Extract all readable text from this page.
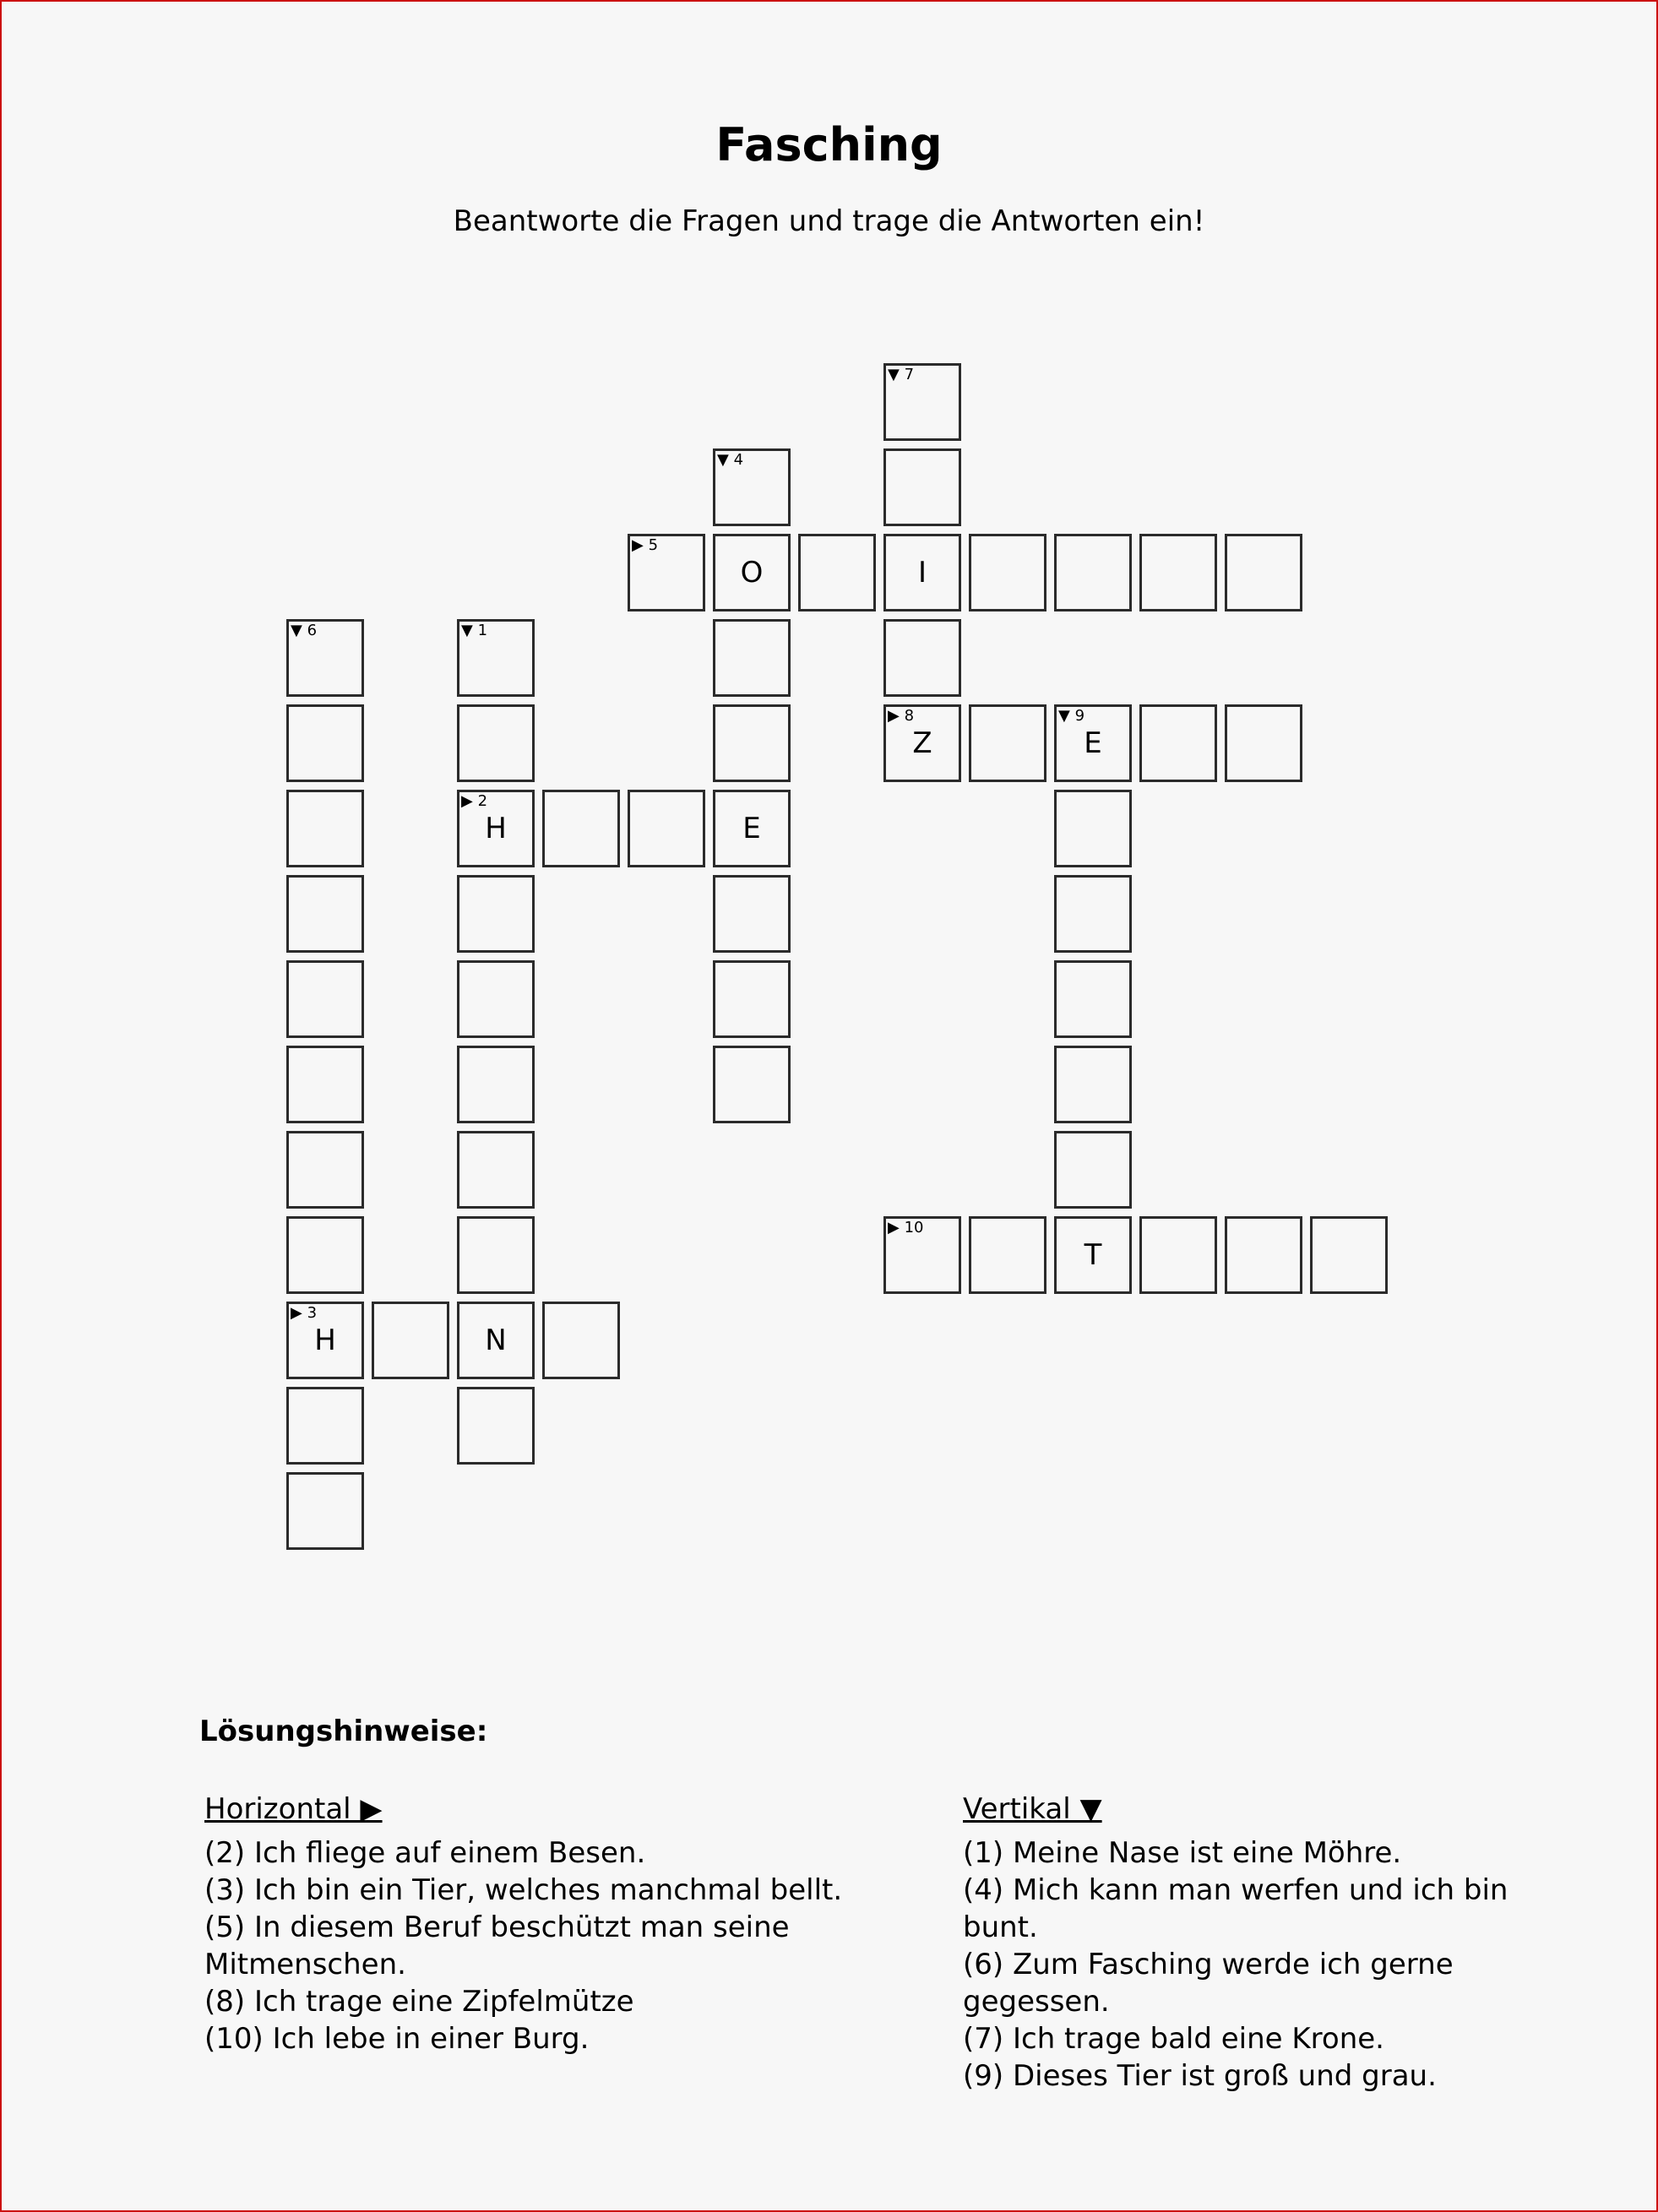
Fasching
Beantworte die Fragen und trage die Antworten ein!
▼ 7
▼ 4
▶ 5
O	I
▼ 6	▼ 1
▶ 8
Z
▼ 9
E
▶ 2
H	E
▶ 10
T
▶ 3
H	N
Lösungshinweise:
Horizontal ▶
(2) Ich fliege auf einem Besen.
(3) Ich bin ein Tier, welches manchmal bellt.
(5) In diesem Beruf beschützt man seine Mitmenschen.
(8) Ich trage eine Zipfelmütze
(10) Ich lebe in einer Burg.
Vertikal ▼
(1) Meine Nase ist eine Möhre.
(4) Mich kann man werfen und ich bin bunt.
(6) Zum Fasching werde ich gerne gegessen.
(7) Ich trage bald eine Krone.
(9) Dieses Tier ist groß und grau.
